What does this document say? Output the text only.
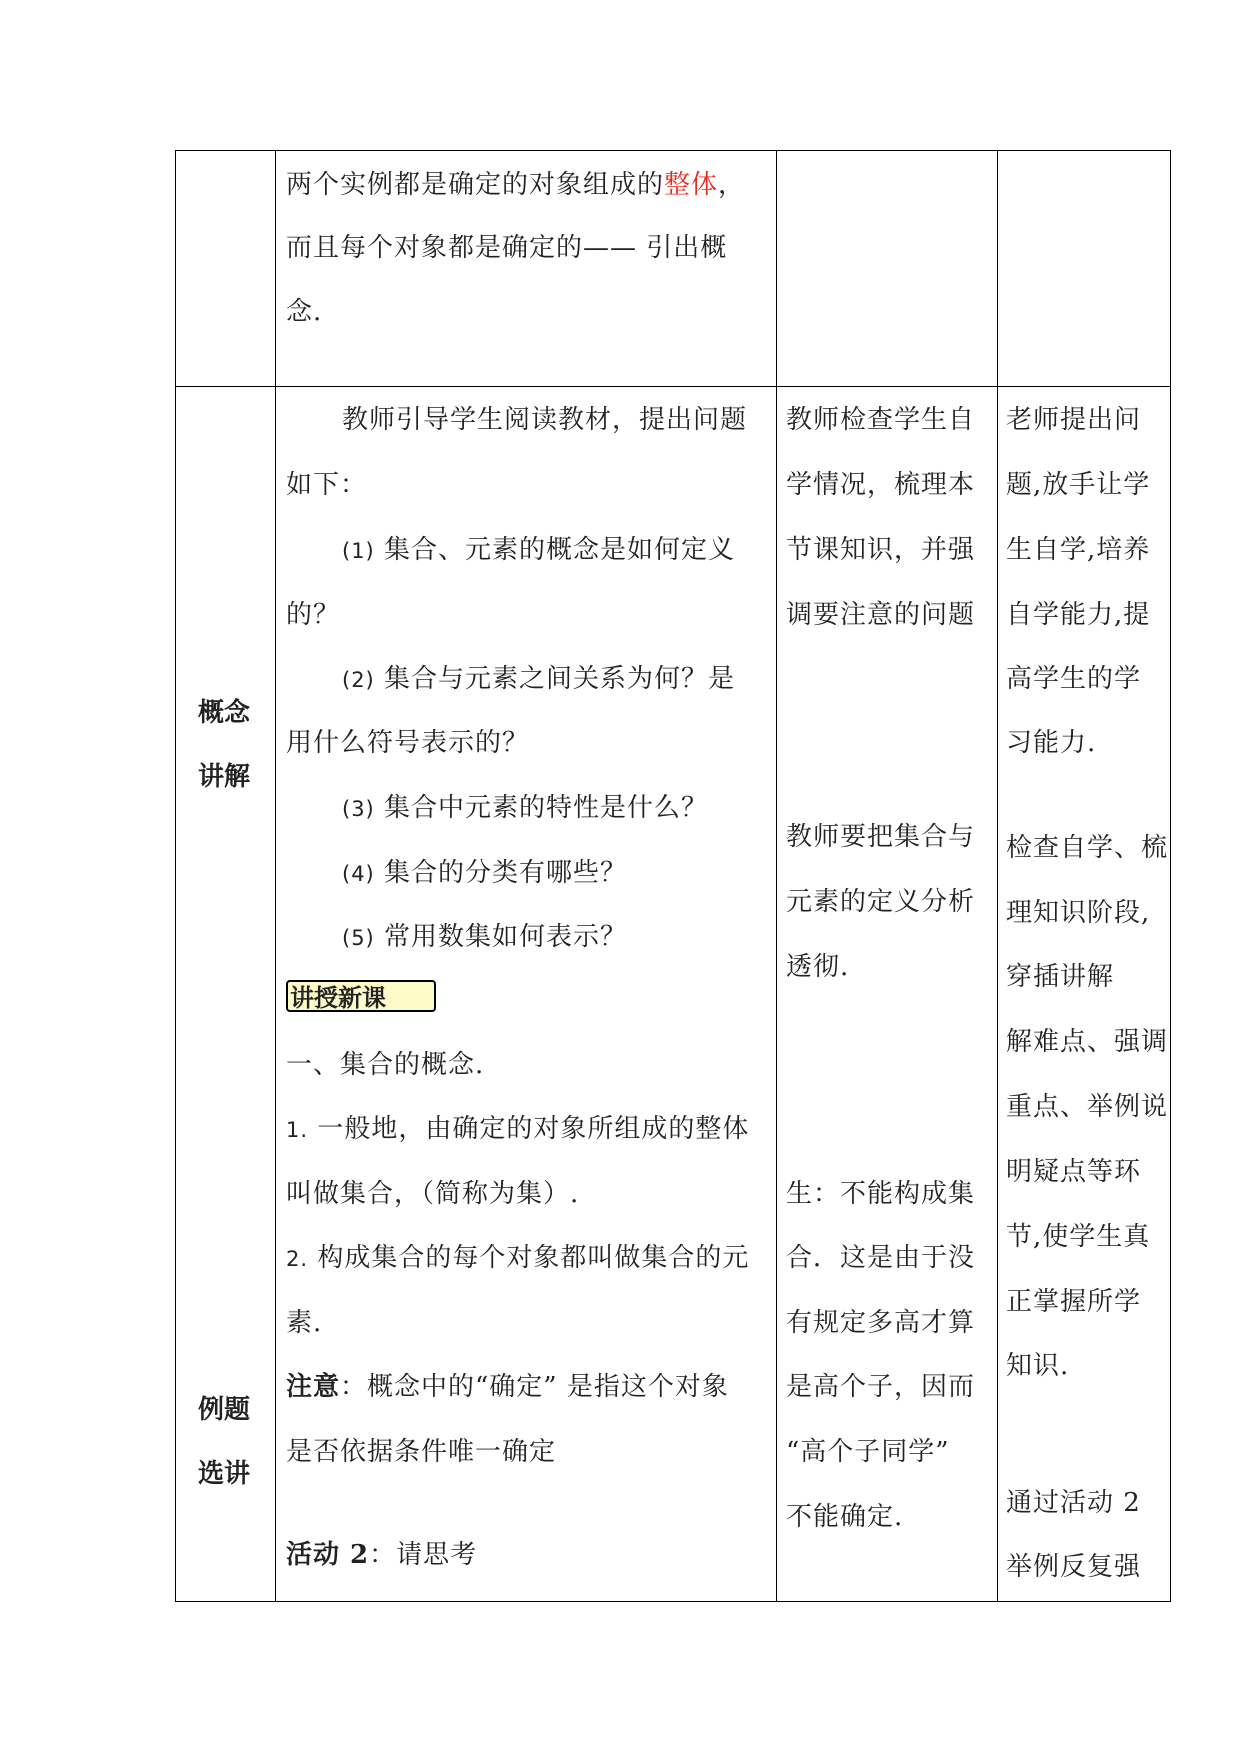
两个实例都是确定的对象组成的整体，
而且每个对象都是确定的—— 引出概
念.
概念
讲解
例题
选讲
教师引导学生阅读教材，提出问题
如下：
(1) 集合、元素的概念是如何定义
的？
(2) 集合与元素之间关系为何？是
用什么符号表示的？
(3) 集合中元素的特性是什么？
(4) 集合的分类有哪些？
(5) 常用数集如何表示？
讲授新课
一、集合的概念.
1. 一般地，由确定的对象所组成的整体
叫做集合，（简称为集）.
2. 构成集合的每个对象都叫做集合的元
素.
注意：概念中的“确定” 是指这个对象
是否依据条件唯一确定
活动 2：请思考
教师检查学生自
学情况，梳理本
节课知识，并强
调要注意的问题
教师要把集合与
元素的定义分析
透彻.
生：不能构成集
合．这是由于没
有规定多高才算
是高个子，因而
“高个子同学”
不能确定.
老师提出问
题,放手让学
生自学,培养
自学能力,提
高学生的学
习能力.
检查自学、梳
理知识阶段,
穿插讲解
解难点、强调
重点、举例说
明疑点等环
节,使学生真
正掌握所学
知识.
通过活动 2
举例反复强
